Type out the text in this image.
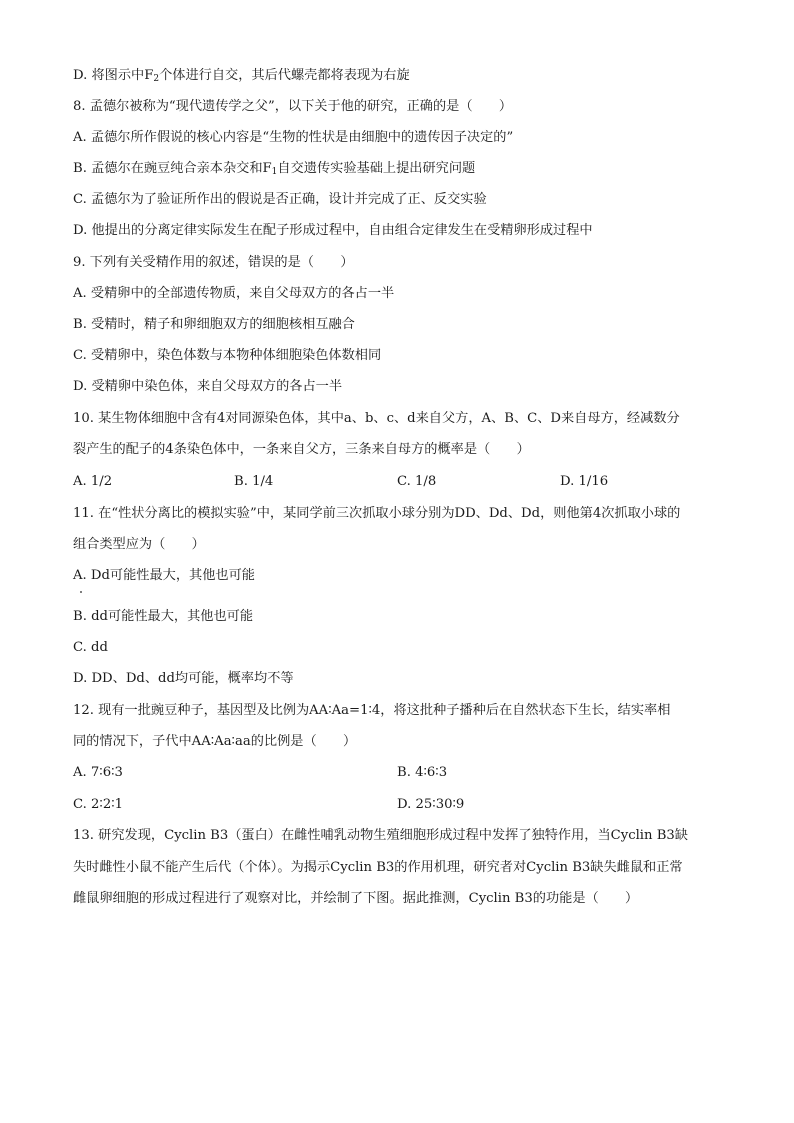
D. 将图示中$F_2$个体进行自交，其后代螺壳都将表现为右旋
8. 孟德尔被称为“现代遗传学之父”，以下关于他的研究，正确的是（　　）
A. 孟德尔所作假说的核心内容是“生物的性状是由细胞中的遗传因子决定的”
B. 孟德尔在豌豆纯合亲本杂交和$F_1$自交遗传实验基础上提出研究问题
C. 孟德尔为了验证所作出的假说是否正确，设计并完成了正、反交实验
D. 他提出的分离定律实际发生在配子形成过程中，自由组合定律发生在受精卵形成过程中
9. 下列有关受精作用的叙述，错误的是（　　）
A. 受精卵中的全部遗传物质，来自父母双方的各占一半
B. 受精时，精子和卵细胞双方的细胞核相互融合
C. 受精卵中，染色体数与本物种体细胞染色体数相同
D. 受精卵中染色体，来自父母双方的各占一半
10. 某生物体细胞中含有4对同源染色体，其中a、b、c、d来自父方，A、B、C、D来自母方，经减数分
裂产生的配子的4条染色体中，一条来自父方，三条来自母方的概率是（　　）
A. 1/2	B. 1/4	C. 1/8	D. 1/16
11. 在“性状分离比的模拟实验”中，某同学前三次抓取小球分别为DD、Dd、Dd，则他第4次抓取小球的
组合类型应为（　　）
A. Dd可能性最大，其他也可能
B. dd可能性最大，其他也可能
C. dd
D. DD、Dd、dd均可能，概率均不等
12. 现有一批豌豆种子，基因型及比例为AA∶Aa=1∶4，将这批种子播种后在自然状态下生长，结实率相
同的情况下，子代中AA∶Aa∶aa的比例是（　　）
A. 7∶6∶3	B. 4∶6∶3
C. 2∶2∶1	D. 25∶30∶9
13. 研究发现，Cyclin B3（蛋白）在雌性哺乳动物生殖细胞形成过程中发挥了独特作用，当Cyclin B3缺
失时雌性小鼠不能产生后代（个体）。为揭示Cyclin B3的作用机理，研究者对Cyclin B3缺失雌鼠和正常
雌鼠卵细胞的形成过程进行了观察对比，并绘制了下图。据此推测，Cyclin B3的功能是（　　）
